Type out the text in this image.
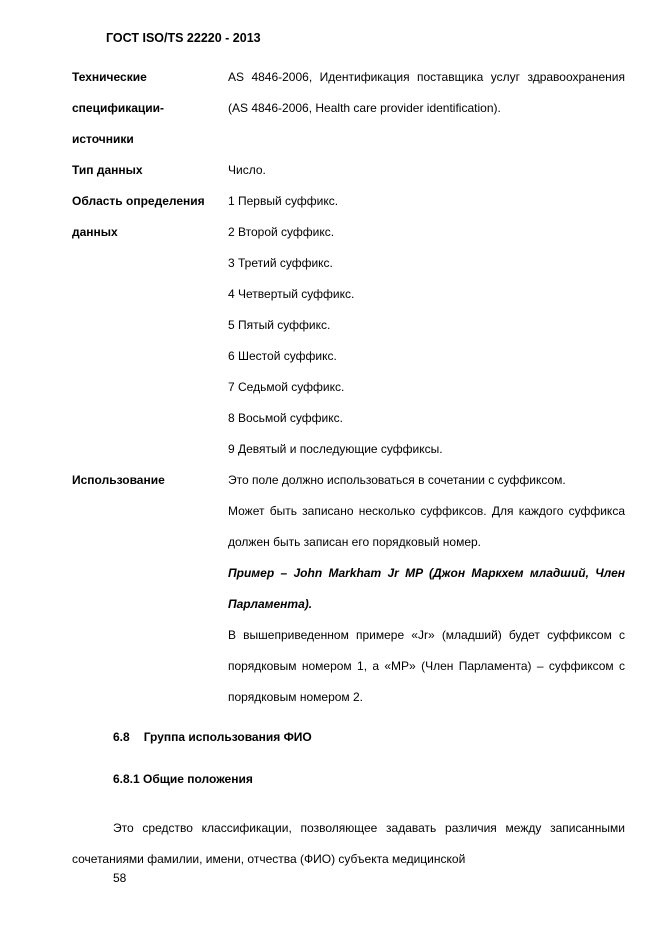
ГОСТ ISO/TS 22220 - 2013
Технические спецификации-источники
AS 4846-2006, Идентификация поставщика услуг здравоохранения (AS 4846-2006, Health care provider identification).
Тип данных	Число.
Область определения данных
1 Первый суффикс.
2 Второй суффикс.
3 Третий суффикс.
4 Четвертый суффикс.
5 Пятый суффикс.
6 Шестой суффикс.
7 Седьмой суффикс.
8 Восьмой суффикс.
9 Девятый и последующие суффиксы.
Использование	Это поле должно использоваться в сочетании с суффиксом.
Может быть записано несколько суффиксов. Для каждого суффикса должен быть записан его порядковый номер.
Пример – John Markham Jr MP (Джон Маркхем младший, Член Парламента).
В вышеприведенном примере «Jr» (младший) будет суффиксом с порядковым номером 1, а «MP» (Член Парламента) – суффиксом с порядковым номером 2.
6.8 Группа использования ФИО
6.8.1 Общие положения
Это средство классификации, позволяющее задавать различия между записанными сочетаниями фамилии, имени, отчества (ФИО) субъекта медицинской
58
